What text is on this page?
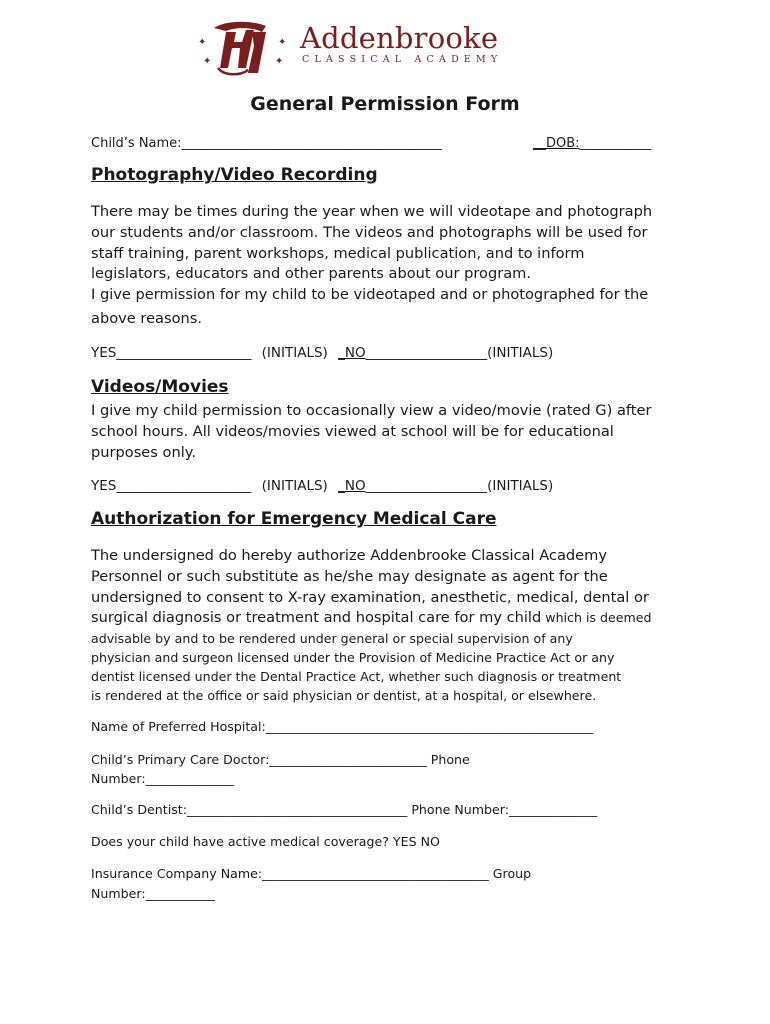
✦
✦
✦
✦
Addenbrooke
CLASSICAL ACADEMY
General Permission Form
Child’s Name:________________________________________	__DOB:___________
Photography/Video Recording
There may be times during the year when we will videotape and photograph
our students and/or classroom. The videos and photographs will be used for
staff training, parent workshops, medical publication, and to inform
legislators, educators and other parents about our program.
I give permission for my child to be videotaped and or photographed for the
above reasons.
YES____________________ (INITIALS) _NO__________________(INITIALS)
Videos/Movies
I give my child permission to occasionally view a video/movie (rated G) after
school hours. All videos/movies viewed at school will be for educational
purposes only.
YES____________________ (INITIALS) _NO__________________(INITIALS)
Authorization for Emergency Medical Care
The undersigned do hereby authorize Addenbrooke Classical Academy
Personnel or such substitute as he/she may designate as agent for the
undersigned to consent to X-ray examination, anesthetic, medical, dental or
surgical diagnosis or treatment and hospital care for my child which is deemed
advisable by and to be rendered under general or special supervision of any
physician and surgeon licensed under the Provision of Medicine Practice Act or any
dentist licensed under the Dental Practice Act, whether such diagnosis or treatment
is rendered at the office or said physician or dentist, at a hospital, or elsewhere.
Name of Preferred Hospital:____________________________________________________
Child’s Primary Care Doctor:_________________________ Phone
Number:______________
Child’s Dentist:___________________________________ Phone Number:______________
Does your child have active medical coverage? YES NO
Insurance Company Name:____________________________________ Group
Number:___________
